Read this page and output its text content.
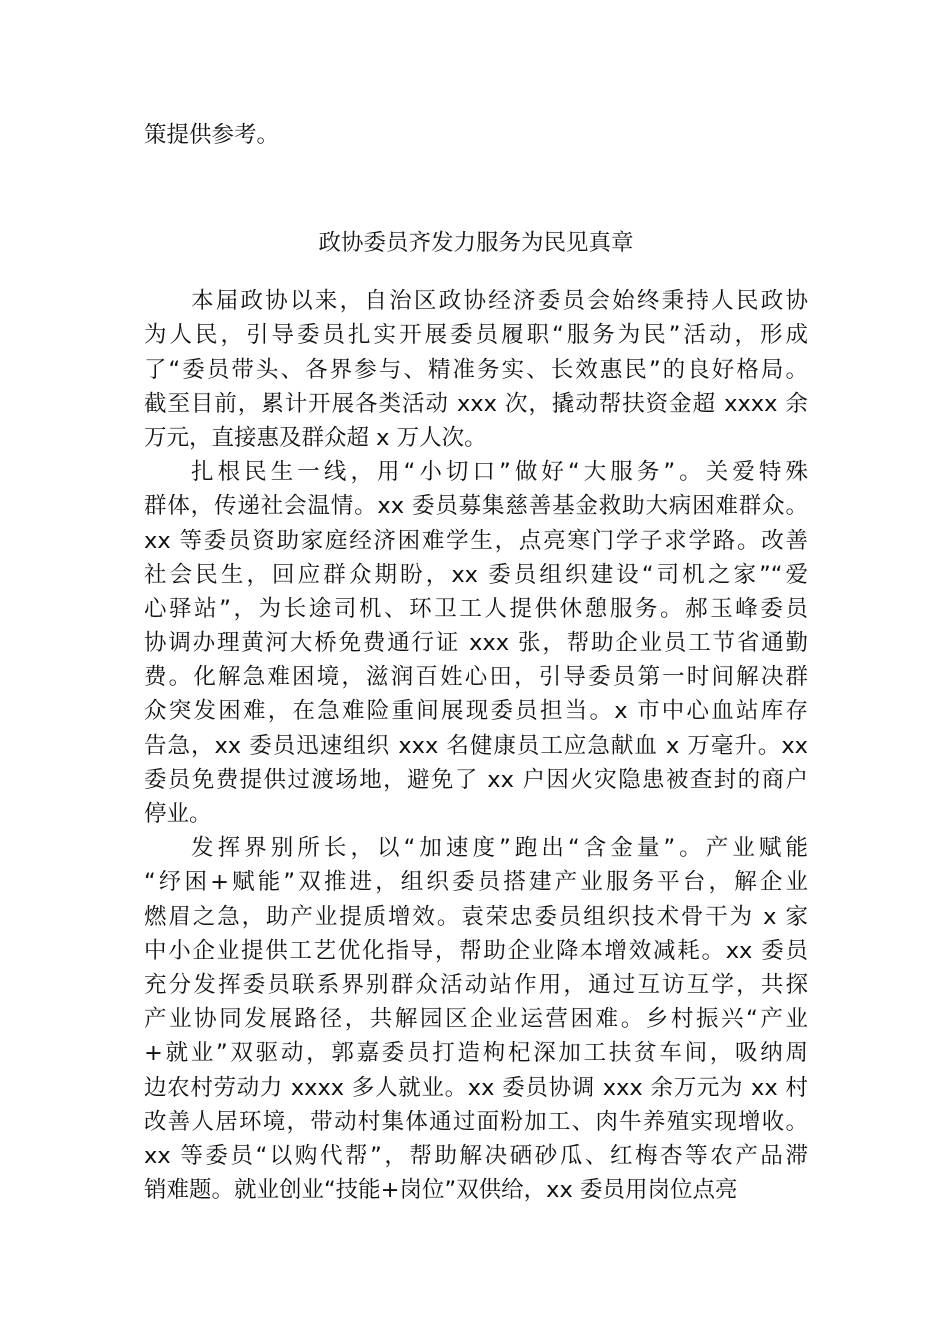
策提供参考。
政协委员齐发力服务为民见真章
本届政协以来，自治区政协经济委员会始终秉持人民政协
为人民，引导委员扎实开展委员履职“服务为民”活动，形成
了“委员带头、各界参与、精准务实、长效惠民”的良好格局。
截至目前，累计开展各类活动 xxx 次，撬动帮扶资金超 xxxx 余
万元，直接惠及群众超 x 万人次。
扎根民生一线，用“小切口”做好“大服务”。关爱特殊
群体，传递社会温情。xx 委员募集慈善基金救助大病困难群众。
xx 等委员资助家庭经济困难学生，点亮寒门学子求学路。改善
社会民生，回应群众期盼，xx 委员组织建设“司机之家”“爱
心驿站”，为长途司机、环卫工人提供休憩服务。郝玉峰委员
协调办理黄河大桥免费通行证 xxx 张，帮助企业员工节省通勤
费。化解急难困境，滋润百姓心田，引导委员第一时间解决群
众突发困难，在急难险重间展现委员担当。x 市中心血站库存
告急，xx 委员迅速组织 xxx 名健康员工应急献血 x 万毫升。xx
委员免费提供过渡场地，避免了 xx 户因火灾隐患被查封的商户
停业。
发挥界别所长，以“加速度”跑出“含金量”。产业赋能
“纾困+赋能”双推进，组织委员搭建产业服务平台，解企业
燃眉之急，助产业提质增效。袁荣忠委员组织技术骨干为 x 家
中小企业提供工艺优化指导，帮助企业降本增效减耗。xx 委员
充分发挥委员联系界别群众活动站作用，通过互访互学，共探
产业协同发展路径，共解园区企业运营困难。乡村振兴“产业
+就业”双驱动，郭嘉委员打造枸杞深加工扶贫车间，吸纳周
边农村劳动力 xxxx 多人就业。xx 委员协调 xxx 余万元为 xx 村
改善人居环境，带动村集体通过面粉加工、肉牛养殖实现增收。
xx 等委员“以购代帮”，帮助解决硒砂瓜、红梅杏等农产品滞
销难题。就业创业“技能+岗位”双供给，xx 委员用岗位点亮
